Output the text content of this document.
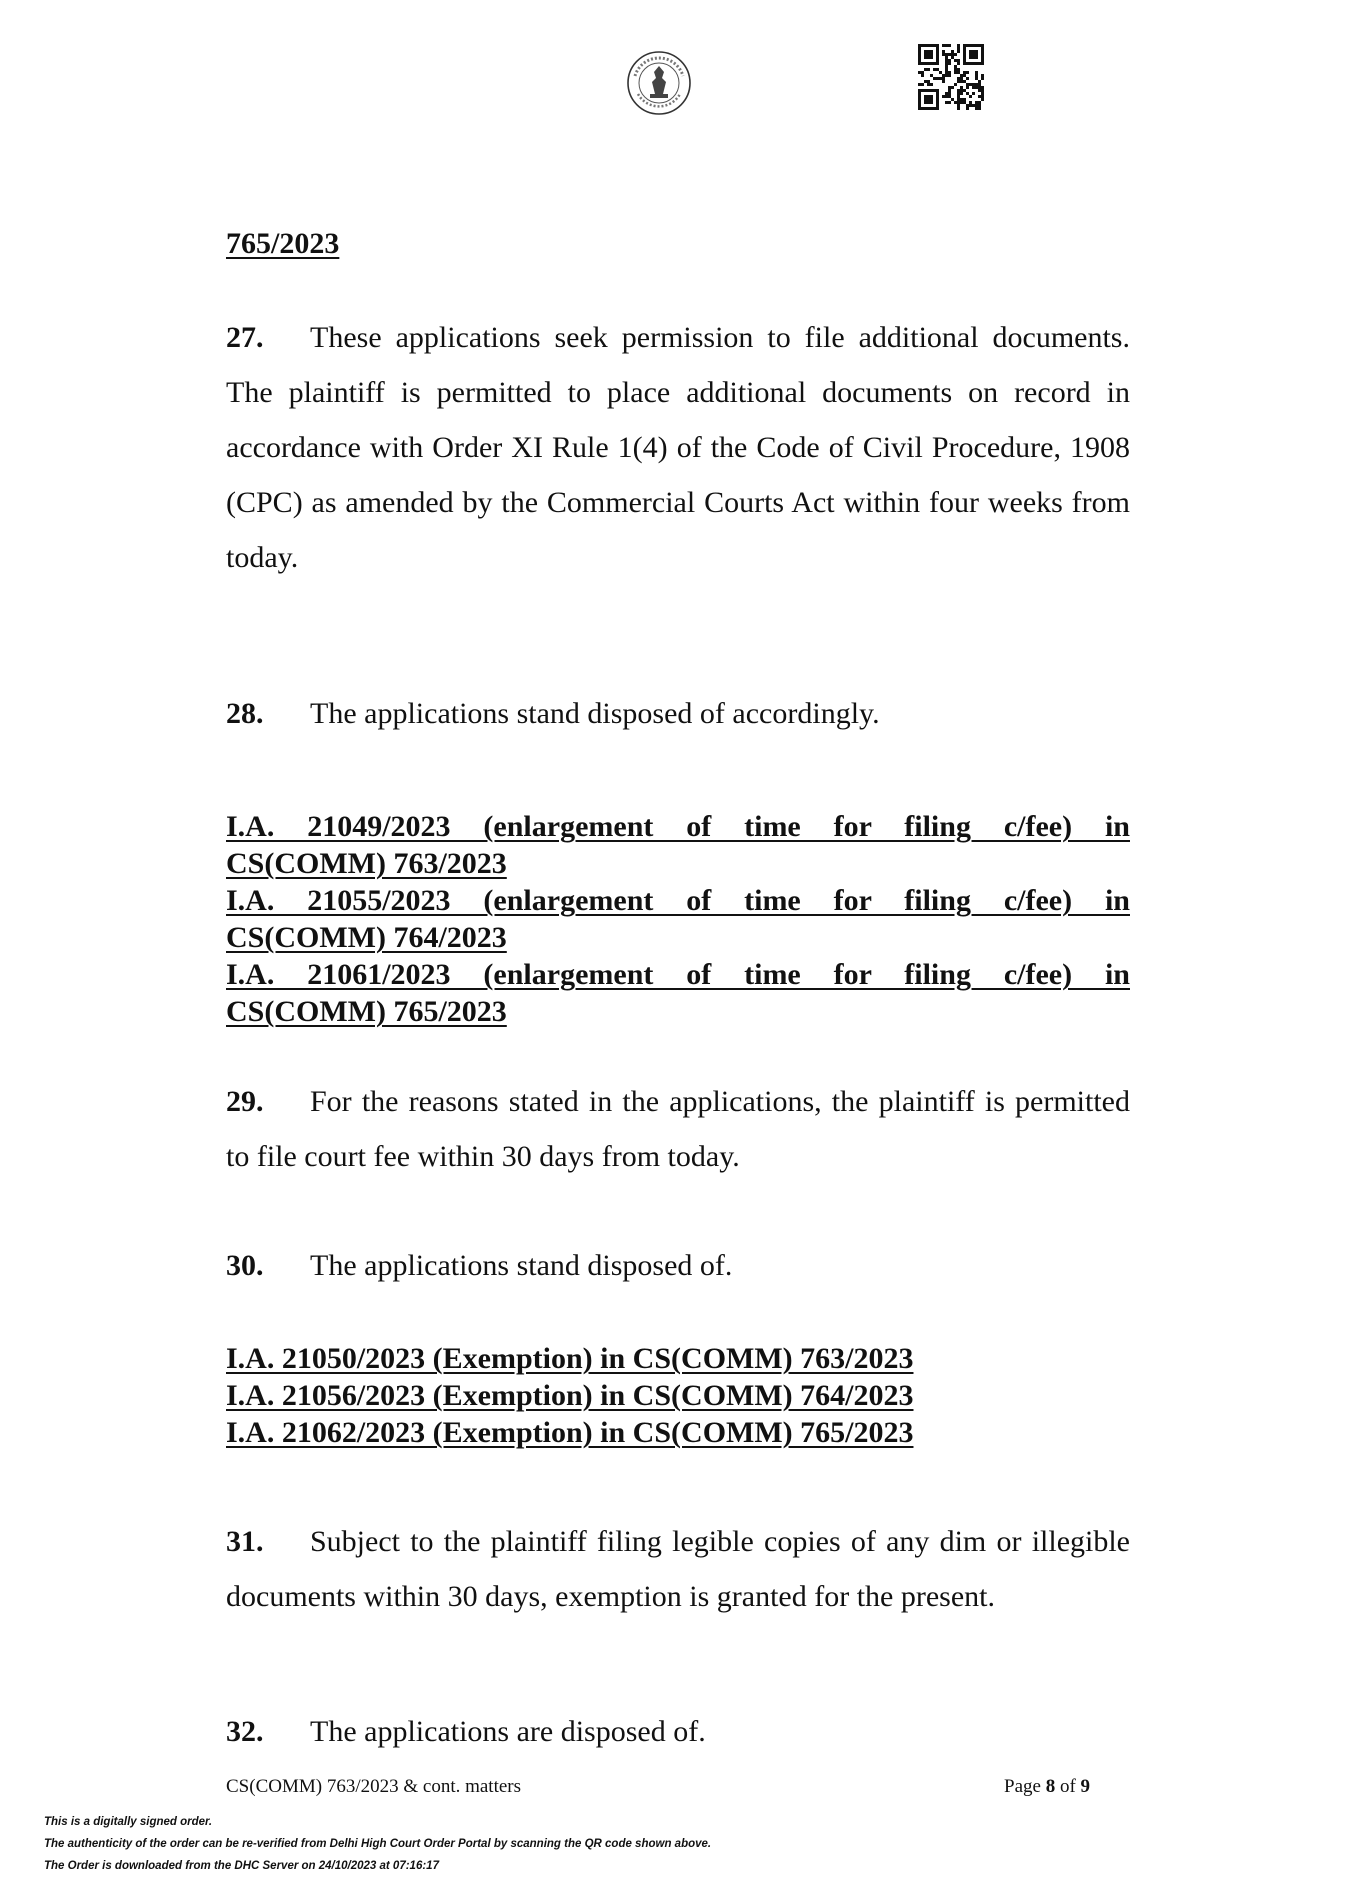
765/2023
27. These applications seek permission to file additional documents. The plaintiff is permitted to place additional documents on record in accordance with Order XI Rule 1(4) of the Code of Civil Procedure, 1908 (CPC) as amended by the Commercial Courts Act within four weeks from today.
28. The applications stand disposed of accordingly.
I.A. 21049/2023 (enlargement of time for filing c/fee) in
CS(COMM) 763/2023
I.A. 21055/2023 (enlargement of time for filing c/fee) in
CS(COMM) 764/2023
I.A. 21061/2023 (enlargement of time for filing c/fee) in
CS(COMM) 765/2023
29. For the reasons stated in the applications, the plaintiff is permitted to file court fee within 30 days from today.
30. The applications stand disposed of.
I.A. 21050/2023 (Exemption) in CS(COMM) 763/2023
I.A. 21056/2023 (Exemption) in CS(COMM) 764/2023
I.A. 21062/2023 (Exemption) in CS(COMM) 765/2023
31. Subject to the plaintiff filing legible copies of any dim or illegible documents within 30 days, exemption is granted for the present.
32. The applications are disposed of.
CS(COMM) 763/2023 & cont. matters	Page 8 of 9
This is a digitally signed order.
The authenticity of the order can be re-verified from Delhi High Court Order Portal by scanning the QR code shown above.
The Order is downloaded from the DHC Server on 24/10/2023 at 07:16:17
